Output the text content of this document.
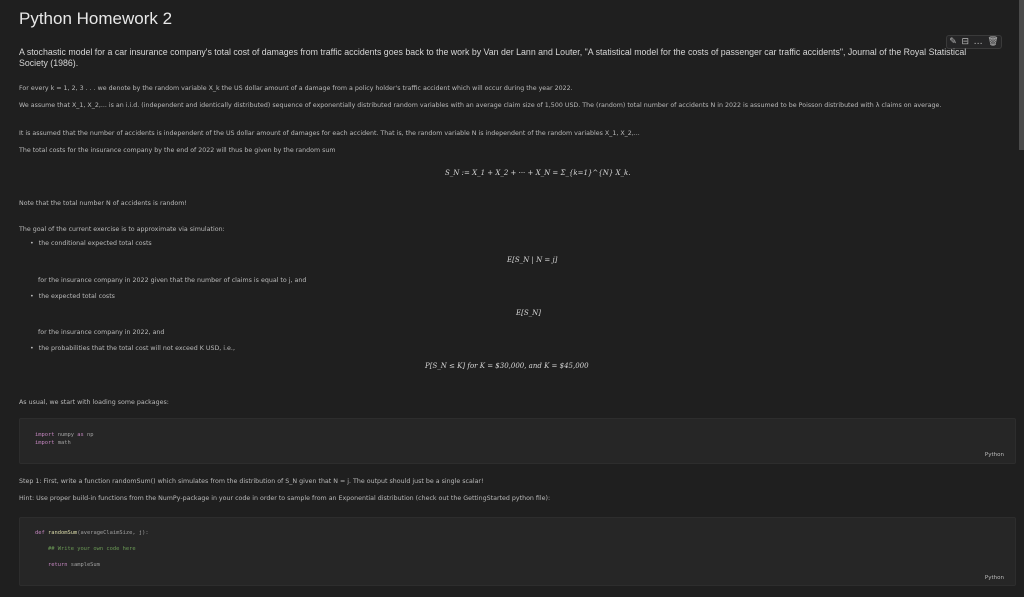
Python Homework 2
✎ ⊟ … 🗑

A stochastic model for a car insurance company's total cost of damages from traffic accidents goes back to the work by Van der Lann and Louter, "A statistical model for the costs of passenger car traffic accidents", Journal of the Royal Statistical Society (1986).

For every k = 1, 2, 3 . . . we denote by the random variable X_k the US dollar amount of a damage from a policy holder's traffic accident which will occur during the year 2022.

We assume that X_1, X_2,... is an i.i.d. (independent and identically distributed) sequence of exponentially distributed random variables with an average claim size of 1,500 USD. The (random) total number of accidents N in 2022 is assumed to be Poisson distributed with λ claims on average.

It is assumed that the number of accidents is independent of the US dollar amount of damages for each accident. That is, the random variable N is independent of the random variables X_1, X_2,...

The total costs for the insurance company by the end of 2022 will thus be given by the random sum

S_N := X_1 + X_2 + ··· + X_N = Σ_{k=1}^{N} X_k.

Note that the total number N of accidents is random!

The goal of the current exercise is to approximate via simulation:

• the conditional expected total costs

E[S_N | N = j]

for the insurance company in 2022 given that the number of claims is equal to j, and

• the expected total costs

E[S_N]

for the insurance company in 2022, and

• the probabilities that the total cost will not exceed K USD, i.e.,

P[S_N ≤ K] for K = $30,000, and K = $45,000

As usual, we start with loading some packages:

import numpy as np
import math
Python

Step 1: First, write a function randomSum() which simulates from the distribution of S_N given that N = j. The output should just be a single scalar!

Hint: Use proper build-in functions from the NumPy-package in your code in order to sample from an Exponential distribution (check out the GettingStarted python file):

def randomSum(averageClaimSize, j):

## Write your own code here

return sampleSum
Python
